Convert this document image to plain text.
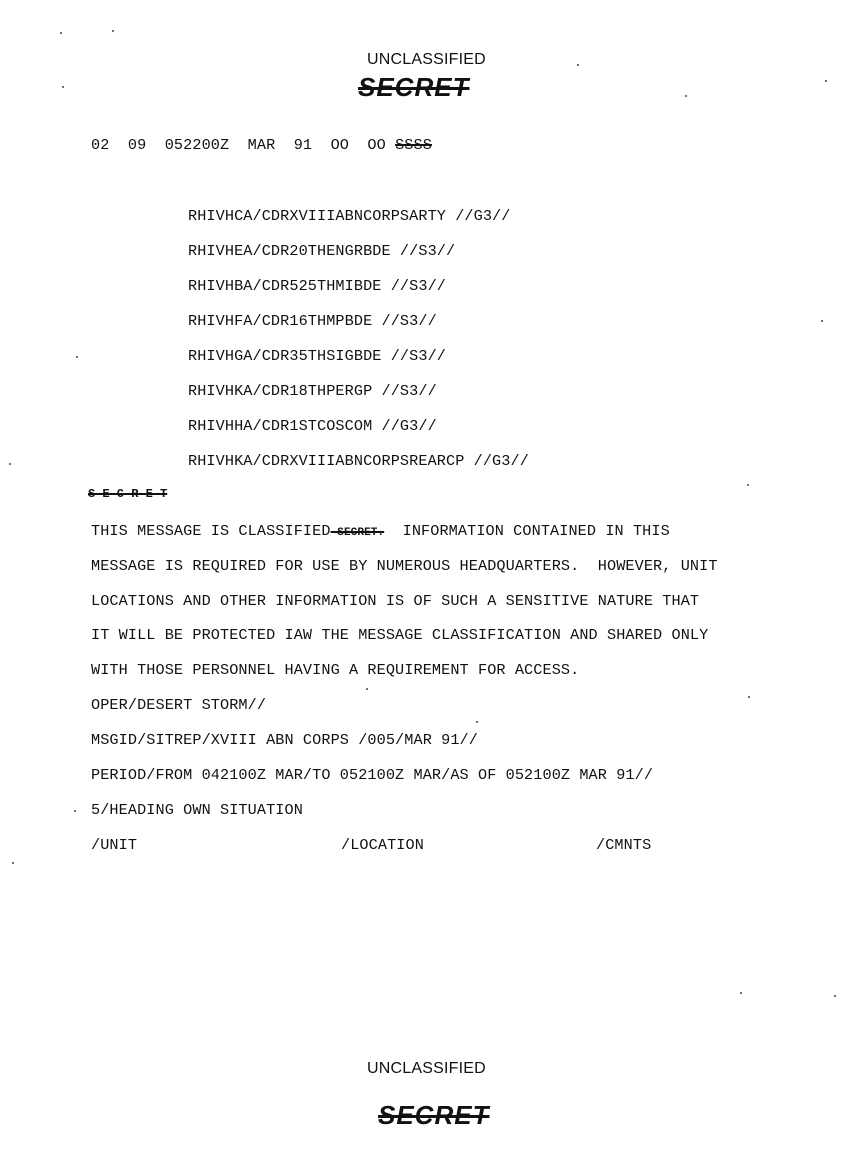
UNCLASSIFIED
SECRET
02  09  052200Z  MAR  91  OO  OO SSSS
RHIVHCA/CDRXVIIIABNCORPSARTY //G3//
RHIVHEA/CDR20THENGRBDE //S3//
RHIVHBA/CDR525THMIBDE //S3//
RHIVHFA/CDR16THMPBDE //S3//
RHIVHGA/CDR35THSIGBDE //S3//
RHIVHKA/CDR18THPERGP //S3//
RHIVHHA/CDR1STCOSCOM //G3//
RHIVHKA/CDRXVIIIABNCORPSREARCP //G3//
S E C R E T
THIS MESSAGE IS CLASSIFIED SECRET.  INFORMATION CONTAINED IN THIS
MESSAGE IS REQUIRED FOR USE BY NUMEROUS HEADQUARTERS.  HOWEVER, UNIT
LOCATIONS AND OTHER INFORMATION IS OF SUCH A SENSITIVE NATURE THAT
IT WILL BE PROTECTED IAW THE MESSAGE CLASSIFICATION AND SHARED ONLY
WITH THOSE PERSONNEL HAVING A REQUIREMENT FOR ACCESS.
OPER/DESERT STORM//
MSGID/SITREP/XVIII ABN CORPS /005/MAR 91//
PERIOD/FROM 042100Z MAR/TO 052100Z MAR/AS OF 052100Z MAR 91//
5/HEADING OWN SITUATION
/UNIT	/LOCATION	/CMNTS
UNCLASSIFIED
SECRET
